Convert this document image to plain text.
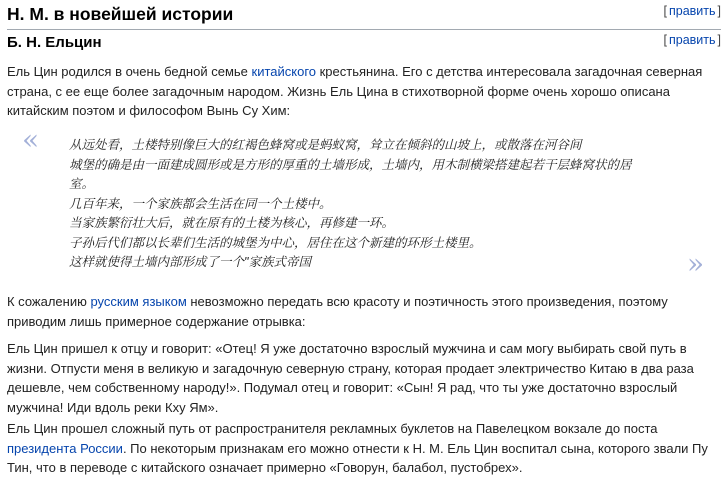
Н. М. в новейшей истории	[ править ]
Б. Н. Ельцин	[ править ]

Ель Цин родился в очень бедной семье китайского крестьянина. Его с детства интересовала загадочная северная страна, с ее еще более загадочным народом. Жизнь Ель Цина в стихотворной форме очень хорошо описана китайским поэтом и философом Вынь Су Хим:

« 从远处看，土楼特别像巨大的红褐色蜂窝或是蚂蚁窝，耸立在倾斜的山坡上，或散落在河谷间
城堡的确是由一面建成圆形或是方形的厚重的土墙形成，土墙内，用木制横梁搭建起若干层蜂窝状的居
室。
几百年来，一个家族都会生活在同一个土楼中。
当家族繁衍壮大后，就在原有的土楼为核心，再修建一环。
子孙后代们都以长辈们生活的城堡为中心，居住在这个新建的环形土楼里。
这样就使得土墙内部形成了一个"家族式帝国	»

К сожалению русским языком невозможно передать всю красоту и поэтичность этого произведения, поэтому приводим лишь примерное содержание отрывка:

Ель Цин пришел к отцу и говорит: «Отец! Я уже достаточно взрослый мужчина и сам могу выбирать свой путь в жизни. Отпусти меня в великую и загадочную северную страну, которая продает электричество Китаю в два раза дешевле, чем собственному народу!». Подумал отец и говорит: «Сын! Я рад, что ты уже достаточно взрослый мужчина! Иди вдоль реки Кху Ям».

Ель Цин прошел сложный путь от распространителя рекламных буклетов на Павелецком вокзале до поста президента России. По некоторым признакам его можно отнести к Н. М. Ель Цин воспитал сына, которого звали Пу Тин, что в переводе с китайского означает примерно «Говорун, балабол, пустобрех».
